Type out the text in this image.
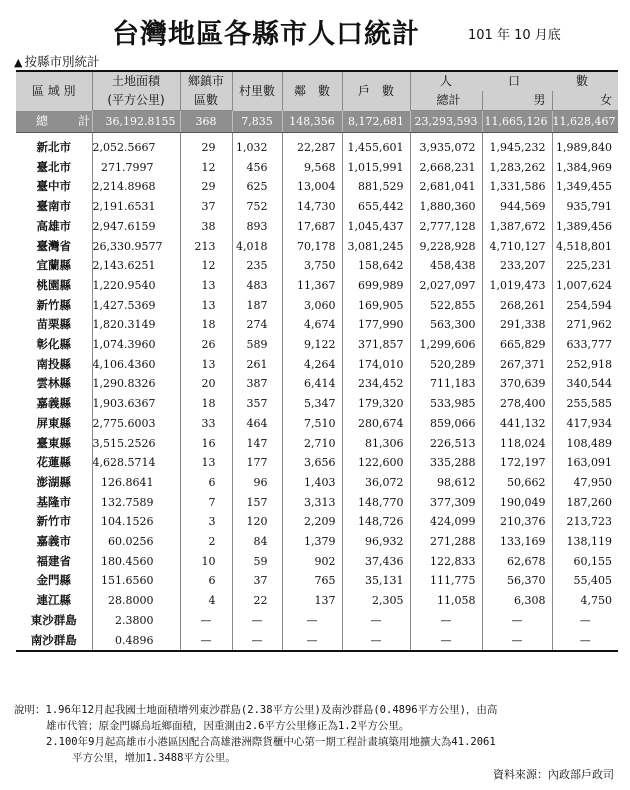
台灣地區各縣市人口統計	101 年 10 月底
▲ 按縣市別統計
區 域 別	土地面積	鄉鎮市	村里數	鄰　數	戶　數	人　口　數		
	(平方公里)	區數				總計	男	女
總 計	36,192.8155	368	7,835	148,356	8,172,681	23,293,593	11,665,126	11,628,467

新北市	2,052.5667	29	1,032	22,287	1,455,601	3,935,072	1,945,232	1,989,840
臺北市	271.7997	12	456	9,568	1,015,991	2,668,231	1,283,262	1,384,969
臺中市	2,214.8968	29	625	13,004	881,529	2,681,041	1,331,586	1,349,455
臺南市	2,191.6531	37	752	14,730	655,442	1,880,360	944,569	935,791
高雄市	2,947.6159	38	893	17,687	1,045,437	2,777,128	1,387,672	1,389,456
臺灣省	26,330.9577	213	4,018	70,178	3,081,245	9,228,928	4,710,127	4,518,801
宜蘭縣	2,143.6251	12	235	3,750	158,642	458,438	233,207	225,231
桃園縣	1,220.9540	13	483	11,367	699,989	2,027,097	1,019,473	1,007,624
新竹縣	1,427.5369	13	187	3,060	169,905	522,855	268,261	254,594
苗栗縣	1,820.3149	18	274	4,674	177,990	563,300	291,338	271,962
彰化縣	1,074.3960	26	589	9,122	371,857	1,299,606	665,829	633,777
南投縣	4,106.4360	13	261	4,264	174,010	520,289	267,371	252,918
雲林縣	1,290.8326	20	387	6,414	234,452	711,183	370,639	340,544
嘉義縣	1,903.6367	18	357	5,347	179,320	533,985	278,400	255,585
屏東縣	2,775.6003	33	464	7,510	280,674	859,066	441,132	417,934
臺東縣	3,515.2526	16	147	2,710	81,306	226,513	118,024	108,489
花蓮縣	4,628.5714	13	177	3,656	122,600	335,288	172,197	163,091
澎湖縣	126.8641	6	96	1,403	36,072	98,612	50,662	47,950
基隆市	132.7589	7	157	3,313	148,770	377,309	190,049	187,260
新竹市	104.1526	3	120	2,209	148,726	424,099	210,376	213,723
嘉義市	60.0256	2	84	1,379	96,932	271,288	133,169	138,119
福建省	180.4560	10	59	902	37,436	122,833	62,678	60,155
金門縣	151.6560	6	37	765	35,131	111,775	56,370	55,405
連江縣	28.8000	4	22	137	2,305	11,058	6,308	4,750
東沙群島	2.3800	—	—	—	—	—	—	—
南沙群島	0.4896	—	—	—	—	—	—	—
說明：1.96年12月起我國土地面積增列東沙群島(2.38平方公里)及南沙群島(0.4896平方公里)，由高
雄市代管；原金門縣烏坵鄉面積，因重測由2.6平方公里修正為1.2平方公里。
2.100年9月起高雄市小港區因配合高雄港洲際貨櫃中心第一期工程計畫填築用地擴大為41.2061
平方公里，增加1.3488平方公里。
資料來源：內政部戶政司
